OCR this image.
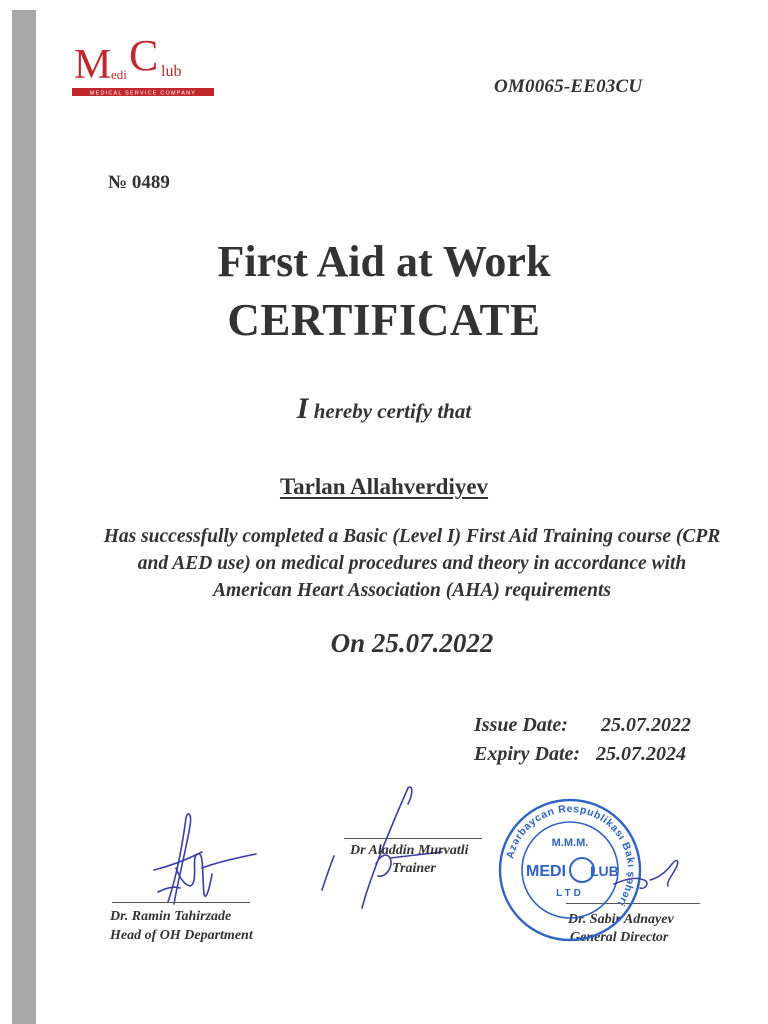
M edi C lub
MEDICAL SERVICE COMPANY	OM0065-EE03CU
№ 0489
First Aid at Work
CERTIFICATE
I hereby certify that
Tarlan Allahverdiyev
Has successfully completed a Basic (Level I) First Aid Training course (CPR and AED use) on medical procedures and theory in accordance with American Heart Association (AHA) requirements
On 25.07.2022
Issue Date: 25.07.2022
Expiry Date: 25.07.2024
Dr. Ramin Tahirzade
Head of OH Department
Dr Aladdin Murvatli
Trainer
Dr. Sabir Adnayev
General Director
Azərbaycan Respublikası Bakı şəhəri
M.M.M.
MEDI LUB
LTD
